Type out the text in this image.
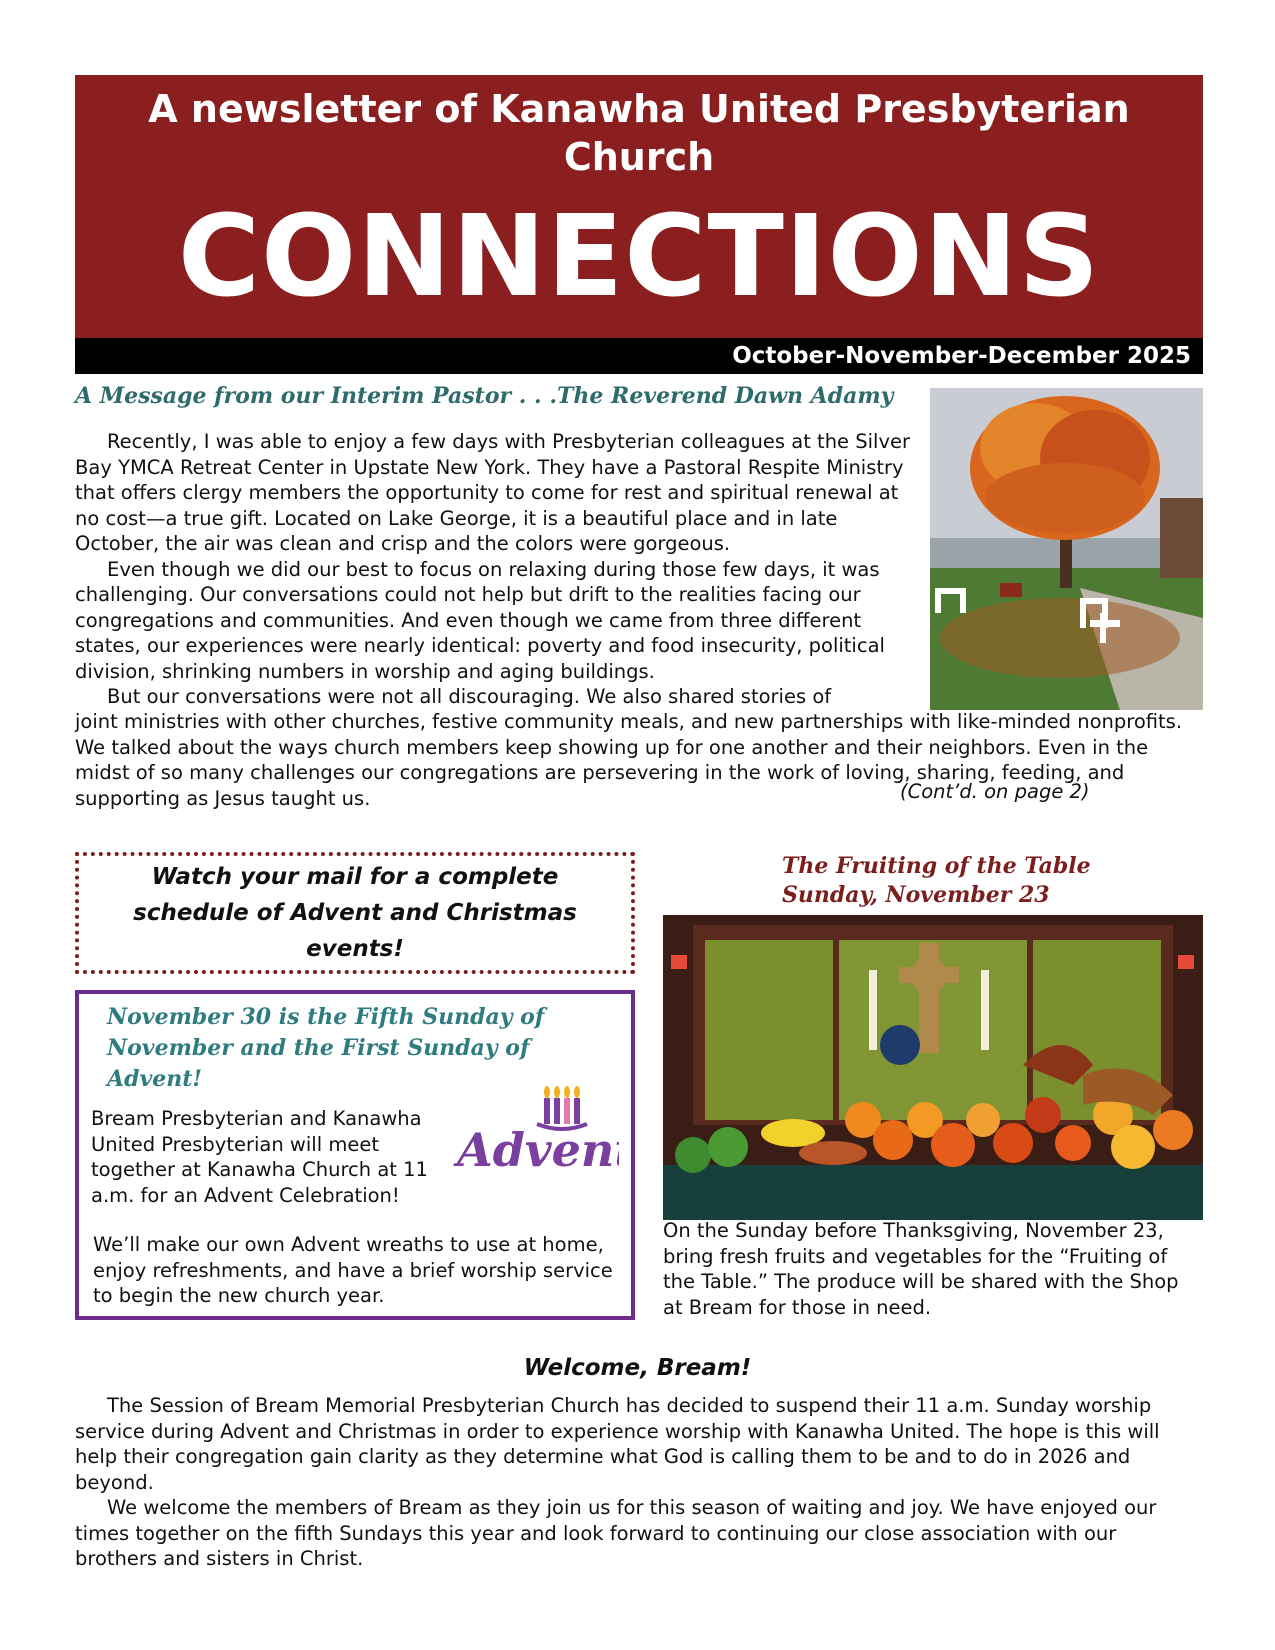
A newsletter of Kanawha United Presbyterian Church
CONNECTIONS
October-November-December 2025
A Message from our Interim Pastor . . .The Reverend Dawn Adamy

Recently, I was able to enjoy a few days with Presbyterian colleagues at the Silver Bay YMCA Retreat Center in Upstate New York. They have a Pastoral Respite Ministry that offers clergy members the opportunity to come for rest and spiritual renewal at no cost—a true gift. Located on Lake George, it is a beautiful place and in late October, the air was clean and crisp and the colors were gorgeous.

Even though we did our best to focus on relaxing during those few days, it was challenging. Our conversations could not help but drift to the realities facing our congregations and communities. And even though we came from three different states, our experiences were nearly identical: poverty and food insecurity, political division, shrinking numbers in worship and aging buildings.

But our conversations were not all discouraging. We also shared stories of

joint ministries with other churches, festive community meals, and new partnerships with like-minded nonprofits. We talked about the ways church members keep showing up for one another and their neighbors. Even in the midst of so many challenges our congregations are persevering in the work of loving, sharing, feeding, and supporting as Jesus taught us.	(Cont’d. on page 2)
Watch your mail for a complete schedule of Advent and Christmas events!
November 30 is the Fifth Sunday of November and the First Sunday of Advent!
Bream Presbyterian and Kanawha United Presbyterian will meet together at Kanawha Church at 11 a.m. for an Advent Celebration!
We’ll make our own Advent wreaths to use at home, enjoy refreshments, and have a brief worship service to begin the new church year.
Advent
The Fruiting of the Table
Sunday, November 23
On the Sunday before Thanksgiving, November 23, bring fresh fruits and vegetables for the “Fruiting of the Table.” The produce will be shared with the Shop at Bream for those in need.
Welcome, Bream!

The Session of Bream Memorial Presbyterian Church has decided to suspend their 11 a.m. Sunday worship service during Advent and Christmas in order to experience worship with Kanawha United. The hope is this will help their congregation gain clarity as they determine what God is calling them to be and to do in 2026 and beyond.

We welcome the members of Bream as they join us for this season of waiting and joy. We have enjoyed our times together on the fifth Sundays this year and look forward to continuing our close association with our brothers and sisters in Christ.
